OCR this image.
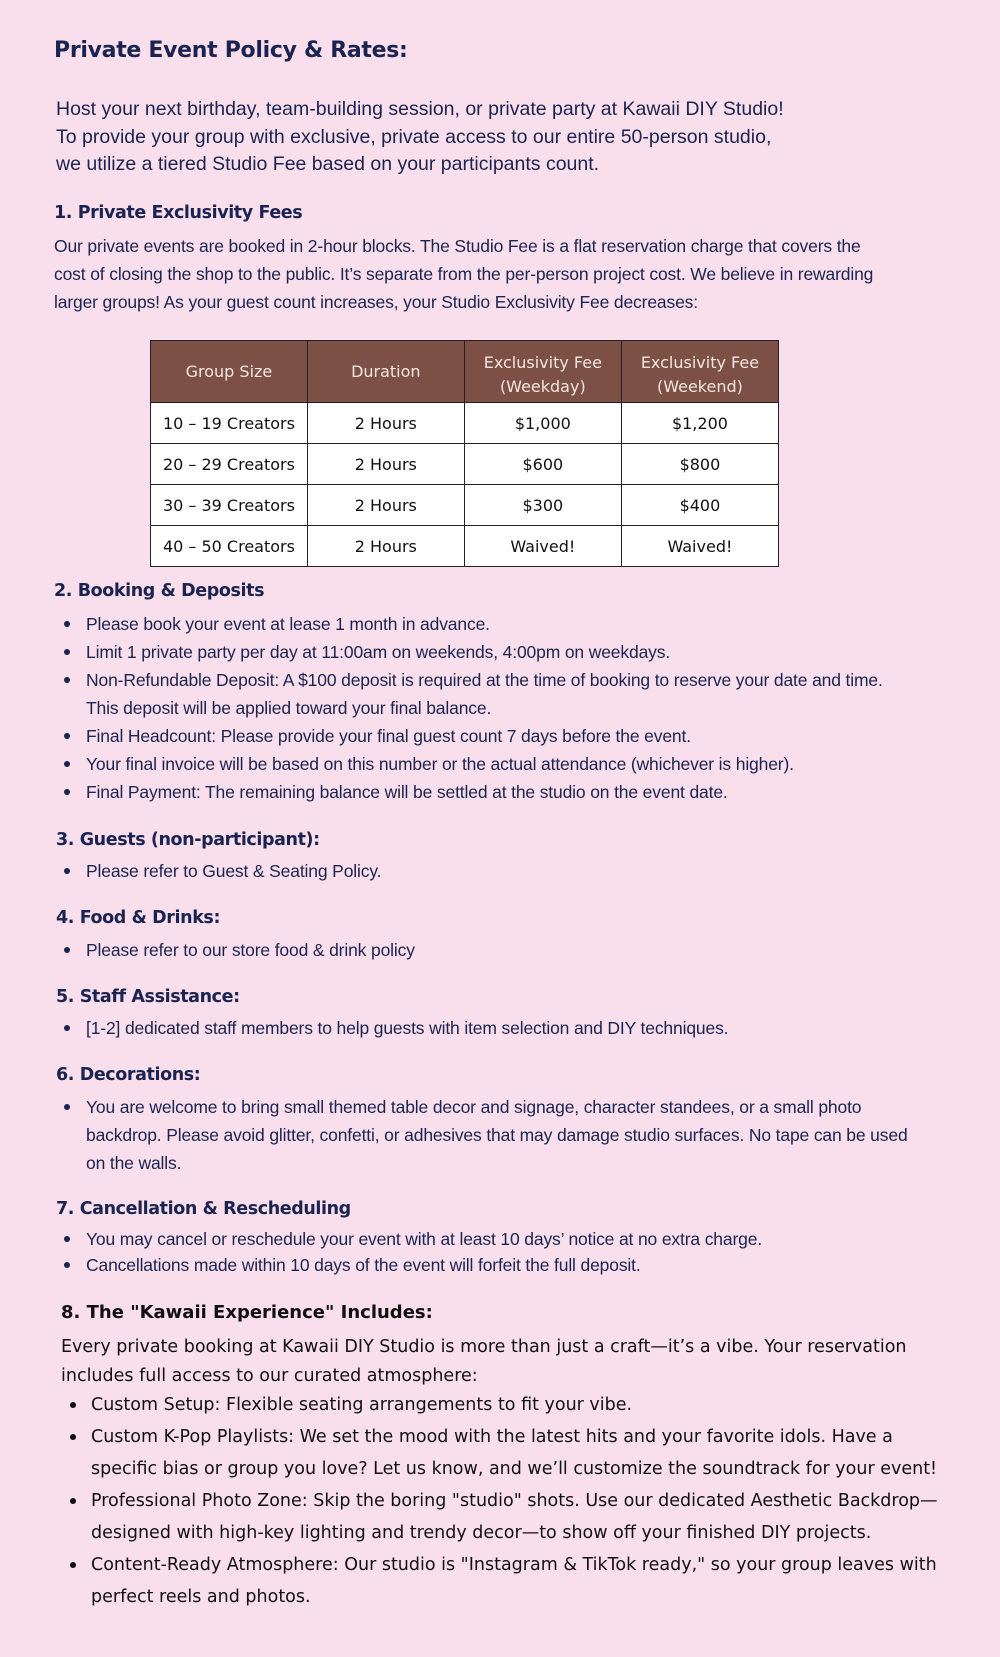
Private Event Policy & Rates:
Host your next birthday, team-building session, or private party at Kawaii DIY Studio!
To provide your group with exclusive, private access to our entire 50-person studio,
we utilize a tiered Studio Fee based on your participants count.
1. Private Exclusivity Fees

Our private events are booked in 2-hour blocks. The Studio Fee is a flat reservation charge that covers the cost of closing the shop to the public. It’s separate from the per-person project cost. We believe in rewarding larger groups! As your guest count increases, your Studio Exclusivity Fee decreases:

Group Size	Duration	Exclusivity Fee (Weekday)	Exclusivity Fee (Weekend)
10 – 19 Creators	2 Hours	$1,000	$1,200
20 – 29 Creators	2 Hours	$600	$800
30 – 39 Creators	2 Hours	$300	$400
40 – 50 Creators	2 Hours	Waived!	Waived!
2. Booking & Deposits
Please book your event at lease 1 month in advance.
Limit 1 private party per day at 11:00am on weekends, 4:00pm on weekdays.
Non-Refundable Deposit: A $100 deposit is required at the time of booking to reserve your date and time. This deposit will be applied toward your final balance.
Final Headcount: Please provide your final guest count 7 days before the event.
Your final invoice will be based on this number or the actual attendance (whichever is higher).
Final Payment: The remaining balance will be settled at the studio on the event date.
3. Guests (non-participant):
Please refer to Guest & Seating Policy.
4. Food & Drinks:
Please refer to our store food & drink policy
5. Staff Assistance:
[1-2] dedicated staff members to help guests with item selection and DIY techniques.
6. Decorations:
You are welcome to bring small themed table decor and signage, character standees, or a small photo backdrop. Please avoid glitter, confetti, or adhesives that may damage studio surfaces. No tape can be used on the walls.
7. Cancellation & Rescheduling
You may cancel or reschedule your event with at least 10 days’ notice at no extra charge.
Cancellations made within 10 days of the event will forfeit the full deposit.
8. The "Kawaii Experience" Includes:

Every private booking at Kawaii DIY Studio is more than just a craft—it’s a vibe. Your reservation includes full access to our curated atmosphere:

Custom Setup: Flexible seating arrangements to fit your vibe.
Custom K-Pop Playlists: We set the mood with the latest hits and your favorite idols. Have a specific bias or group you love? Let us know, and we’ll customize the soundtrack for your event!
Professional Photo Zone: Skip the boring "studio" shots. Use our dedicated Aesthetic Backdrop—designed with high-key lighting and trendy decor—to show off your finished DIY projects.
Content-Ready Atmosphere: Our studio is "Instagram & TikTok ready," so your group leaves with perfect reels and photos.
